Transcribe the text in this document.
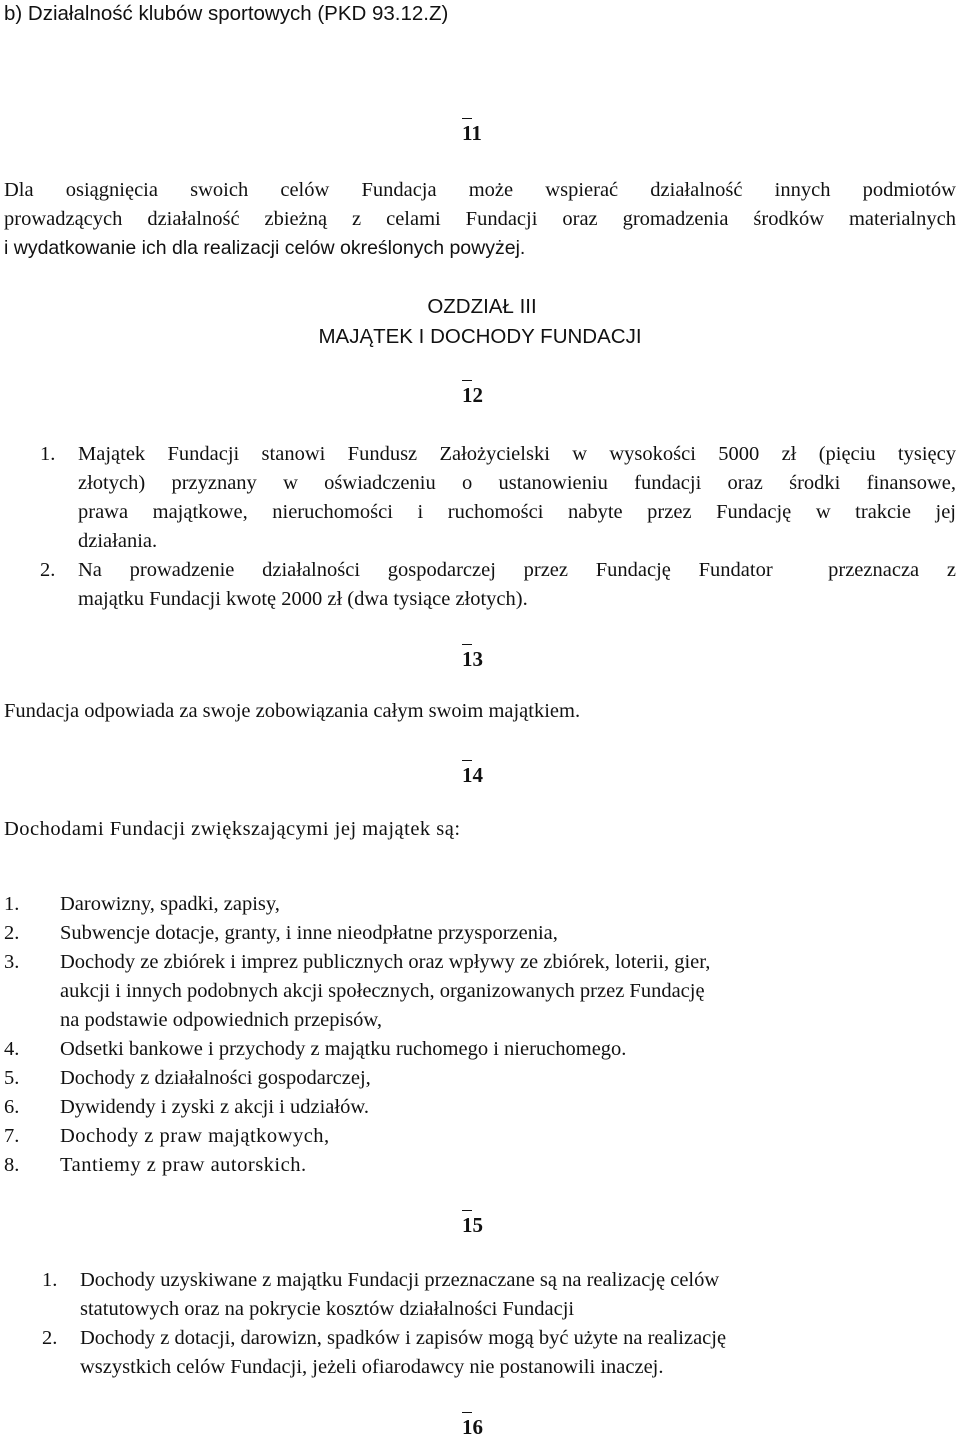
b) Działalność klubów sportowych (PKD 93.12.Z)
11
Dla osiągnięcia swoich celów Fundacja może wspierać działalność innych podmiotów
prowadzących działalność zbieżną z celami Fundacji oraz gromadzenia środków materialnych
i wydatkowanie ich dla realizacji celów określonych powyżej.
OZDZIAŁ III
MAJĄTEK I DOCHODY FUNDACJI
12
1.	Majątek Fundacji stanowi Fundusz Założycielski w wysokości 5000 zł (pięciu tysięcy
złotych) przyznany w oświadczeniu o ustanowieniu fundacji oraz środki finansowe,
prawa majątkowe, nieruchomości i ruchomości nabyte przez Fundację w trakcie jej
działania.
2.	Na prowadzenie działalności gospodarczej przez Fundację Fundator  przeznacza z
majątku Fundacji kwotę 2000 zł (dwa tysiące złotych).
13
Fundacja odpowiada za swoje zobowiązania całym swoim majątkiem.
14
Dochodami Fundacji zwiększającymi jej majątek są:
1. Darowizny, spadki, zapisy,
2. Subwencje dotacje, granty, i inne nieodpłatne przysporzenia,
3. Dochody ze zbiórek i imprez publicznych oraz wpływy ze zbiórek, loterii, gier,
aukcji i innych podobnych akcji społecznych, organizowanych przez Fundację
na podstawie odpowiednich przepisów,
4. Odsetki bankowe i przychody z majątku ruchomego i nieruchomego.
5. Dochody z działalności gospodarczej,
6. Dywidendy i zyski z akcji i udziałów.
7. Dochody z praw majątkowych,
8. Tantiemy z praw autorskich.
15
1. Dochody uzyskiwane z majątku Fundacji przeznaczane są na realizację celów
statutowych oraz na pokrycie kosztów działalności Fundacji
2. Dochody z dotacji, darowizn, spadków i zapisów mogą być użyte na realizację
wszystkich celów Fundacji, jeżeli ofiarodawcy nie postanowili inaczej.
16
